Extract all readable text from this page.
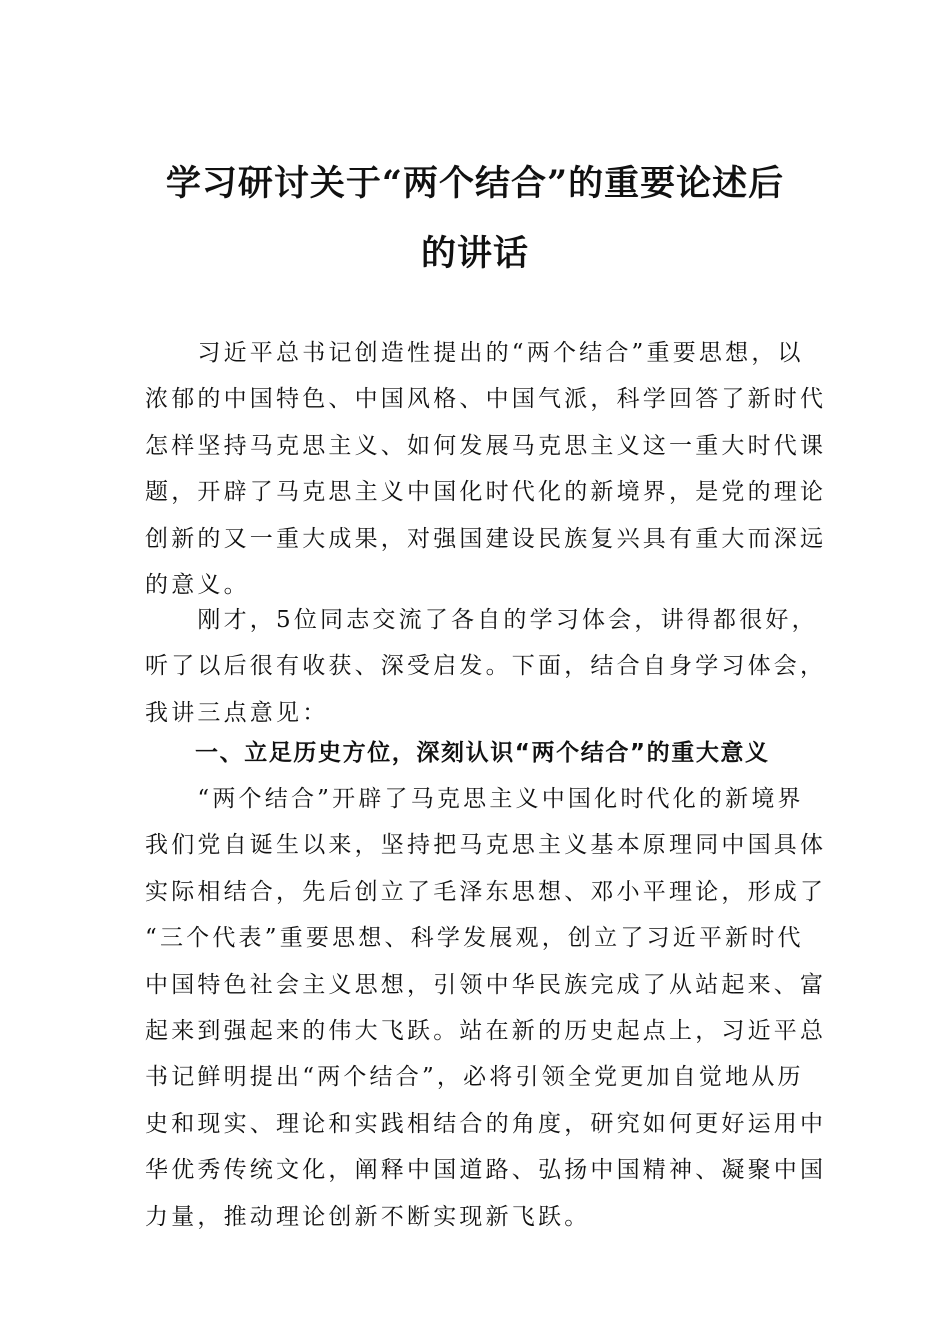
学习研讨关于“两个结合”的重要论述后
的讲话
　　习近平总书记创造性提出的“两个结合”重要思想，以
浓郁的中国特色、中国风格、中国气派，科学回答了新时代
怎样坚持马克思主义、如何发展马克思主义这一重大时代课
题，开辟了马克思主义中国化时代化的新境界，是党的理论
创新的又一重大成果，对强国建设民族复兴具有重大而深远
的意义。
　　刚才，5位同志交流了各自的学习体会，讲得都很好，
听了以后很有收获、深受启发。下面，结合自身学习体会，
我讲三点意见：
一、立足历史方位，深刻认识“两个结合”的重大意义
　　“两个结合”开辟了马克思主义中国化时代化的新境界
我们党自诞生以来，坚持把马克思主义基本原理同中国具体
实际相结合，先后创立了毛泽东思想、邓小平理论，形成了
“三个代表”重要思想、科学发展观，创立了习近平新时代
中国特色社会主义思想，引领中华民族完成了从站起来、富
起来到强起来的伟大飞跃。站在新的历史起点上，习近平总
书记鲜明提出“两个结合”，必将引领全党更加自觉地从历
史和现实、理论和实践相结合的角度，研究如何更好运用中
华优秀传统文化，阐释中国道路、弘扬中国精神、凝聚中国
力量，推动理论创新不断实现新飞跃。
